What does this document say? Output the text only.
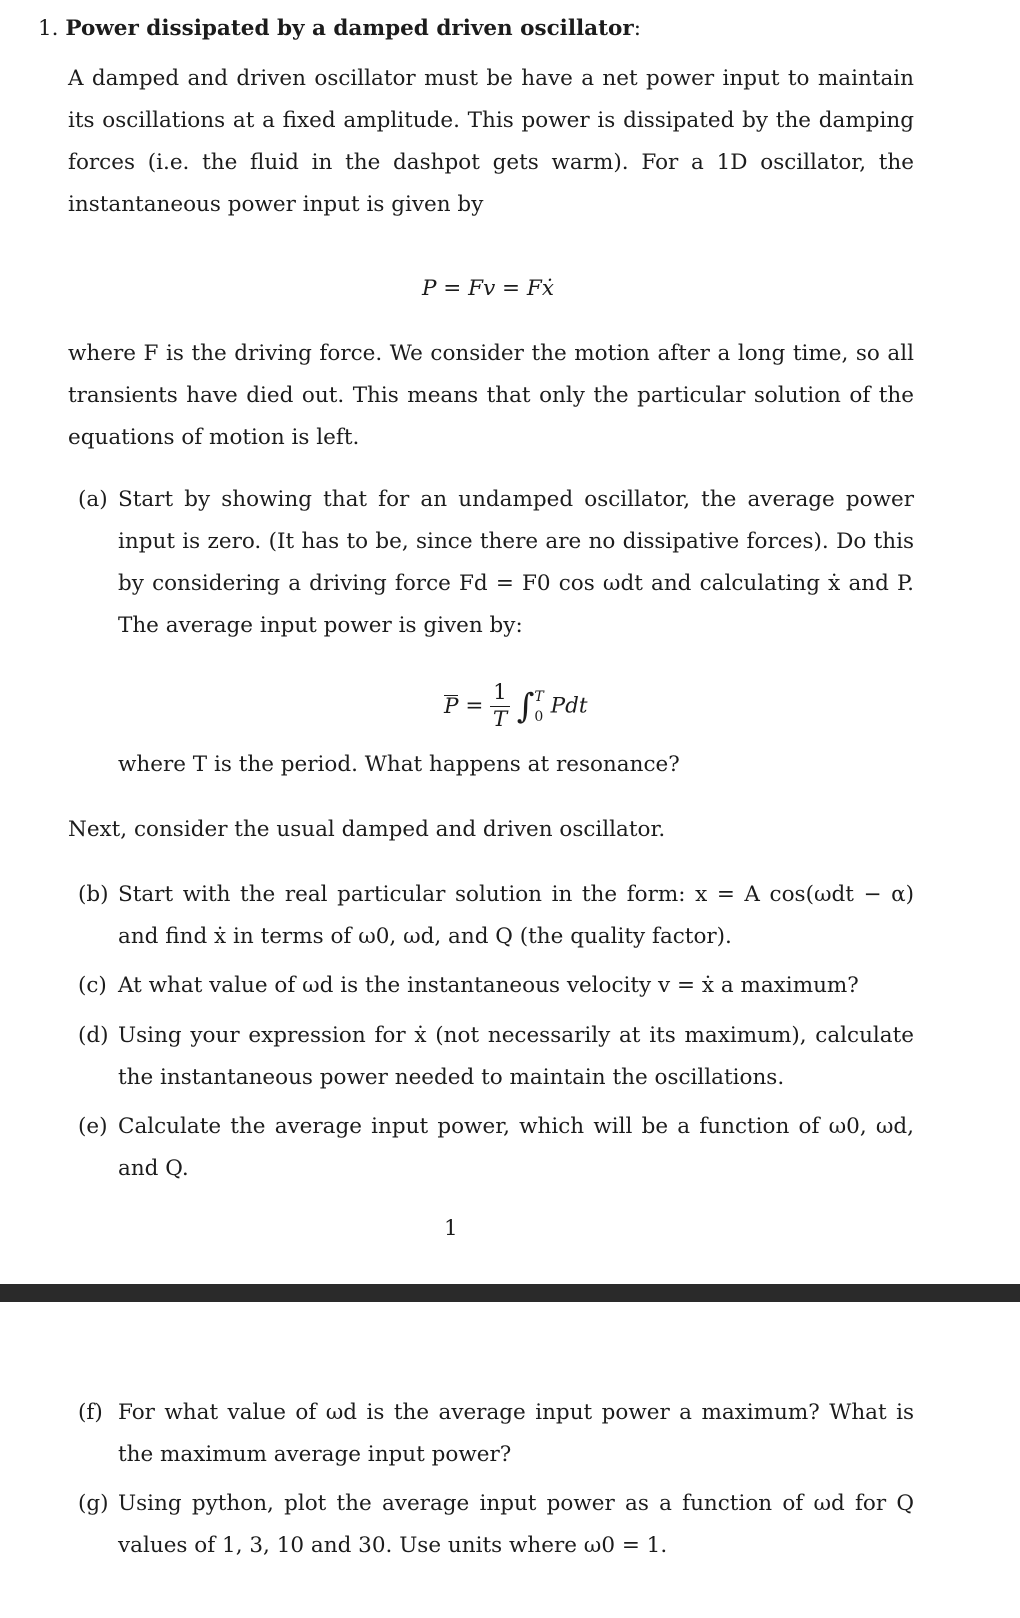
1. Power dissipated by a damped driven oscillator:
A damped and driven oscillator must be have a net power input to maintain its oscillations at a fixed amplitude. This power is dissipated by the damping forces (i.e. the fluid in the dashpot gets warm). For a 1D oscillator, the instantaneous power input is given by
P = Fv = Fẋ
where F is the driving force. We consider the motion after a long time, so all transients have died out. This means that only the particular solution of the equations of motion is left.
(a) Start by showing that for an undamped oscillator, the average power input is zero. (It has to be, since there are no dissipative forces). Do this by considering a driving force Fd = F0 cos ωdt and calculating ẋ and P. The average input power is given by:
$P = \frac{1}{T}$ ∫ T
0 Pdt
where T is the period. What happens at resonance?
Next, consider the usual damped and driven oscillator.
(b) Start with the real particular solution in the form: x = A cos(ωdt − α) and find ẋ in terms of ω0, ωd, and Q (the quality factor).
(c) At what value of ωd is the instantaneous velocity v = ẋ a maximum?
(d) Using your expression for ẋ (not necessarily at its maximum), calculate the instantaneous power needed to maintain the oscillations.
(e) Calculate the average input power, which will be a function of ω0, ωd, and Q.
1
(f) For what value of ωd is the average input power a maximum? What is the maximum average input power?
(g) Using python, plot the average input power as a function of ωd for Q values of 1, 3, 10 and 30. Use units where ω0 = 1.
